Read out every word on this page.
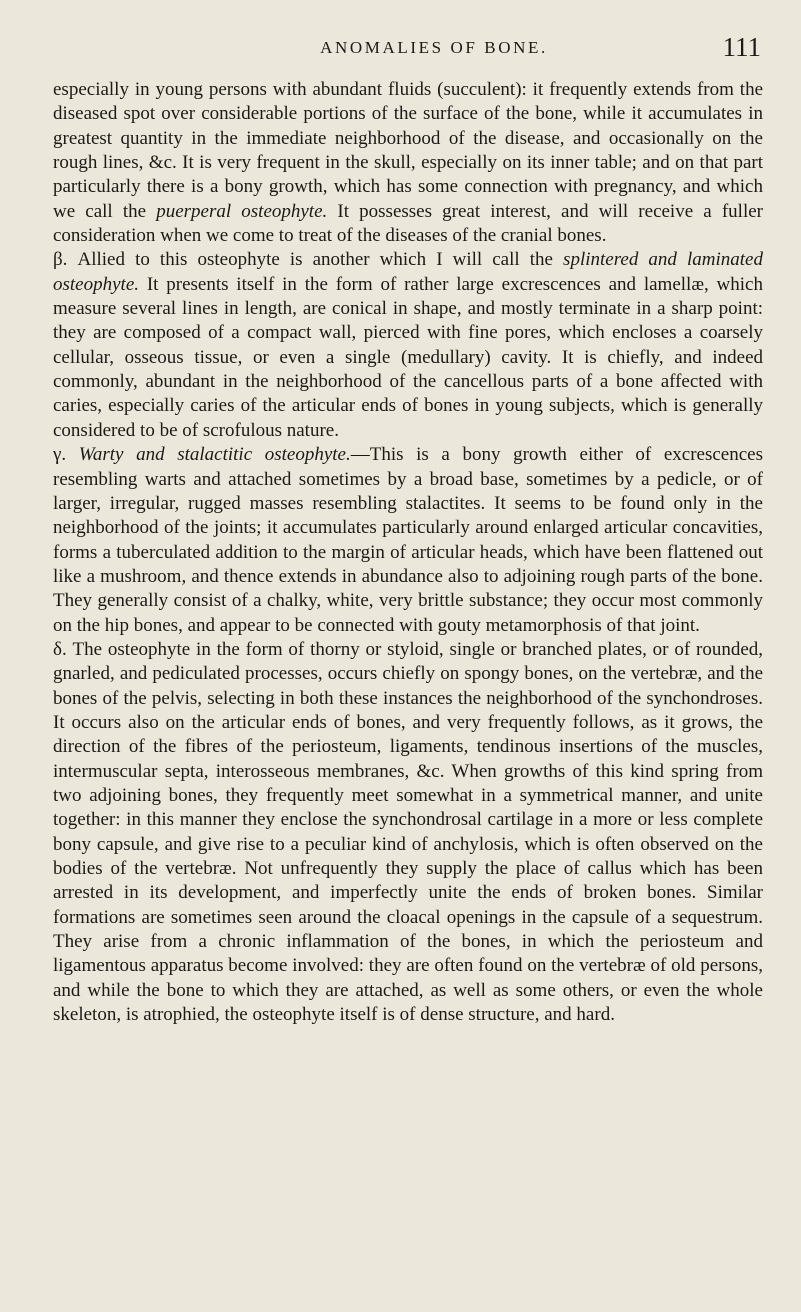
ANOMALIES OF BONE.	111

especially in young persons with abundant fluids (succulent): it frequently extends from the diseased spot over considerable portions of the surface of the bone, while it accumulates in greatest quantity in the immediate neighborhood of the disease, and occasionally on the rough lines, &c. It is very frequent in the skull, especially on its inner table; and on that part particularly there is a bony growth, which has some connection with pregnancy, and which we call the puerperal osteophyte. It possesses great interest, and will receive a fuller consideration when we come to treat of the diseases of the cranial bones.

β. Allied to this osteophyte is another which I will call the splintered and laminated osteophyte. It presents itself in the form of rather large excrescences and lamellæ, which measure several lines in length, are conical in shape, and mostly terminate in a sharp point: they are composed of a compact wall, pierced with fine pores, which encloses a coarsely cellular, osseous tissue, or even a single (medullary) cavity. It is chiefly, and indeed commonly, abundant in the neighborhood of the cancellous parts of a bone affected with caries, especially caries of the articular ends of bones in young subjects, which is generally considered to be of scrofulous nature.

γ. Warty and stalactitic osteophyte.—This is a bony growth either of excrescences resembling warts and attached sometimes by a broad base, sometimes by a pedicle, or of larger, irregular, rugged masses resembling stalactites. It seems to be found only in the neighborhood of the joints; it accumulates particularly around enlarged articular concavities, forms a tuberculated addition to the margin of articular heads, which have been flattened out like a mushroom, and thence extends in abundance also to adjoining rough parts of the bone. They generally consist of a chalky, white, very brittle substance; they occur most commonly on the hip bones, and appear to be connected with gouty metamorphosis of that joint.

δ. The osteophyte in the form of thorny or styloid, single or branched plates, or of rounded, gnarled, and pediculated processes, occurs chiefly on spongy bones, on the vertebræ, and the bones of the pelvis, selecting in both these instances the neighborhood of the synchondroses. It occurs also on the articular ends of bones, and very frequently follows, as it grows, the direction of the fibres of the periosteum, ligaments, tendinous insertions of the muscles, intermuscular septa, interosseous membranes, &c. When growths of this kind spring from two adjoining bones, they frequently meet somewhat in a symmetrical manner, and unite together: in this manner they enclose the synchondrosal cartilage in a more or less complete bony capsule, and give rise to a peculiar kind of anchylosis, which is often observed on the bodies of the vertebræ. Not unfrequently they supply the place of callus which has been arrested in its development, and imperfectly unite the ends of broken bones. Similar formations are sometimes seen around the cloacal openings in the capsule of a sequestrum. They arise from a chronic inflammation of the bones, in which the periosteum and ligamentous apparatus become involved: they are often found on the vertebræ of old persons, and while the bone to which they are attached, as well as some others, or even the whole skeleton, is atrophied, the osteophyte itself is of dense structure, and hard.
